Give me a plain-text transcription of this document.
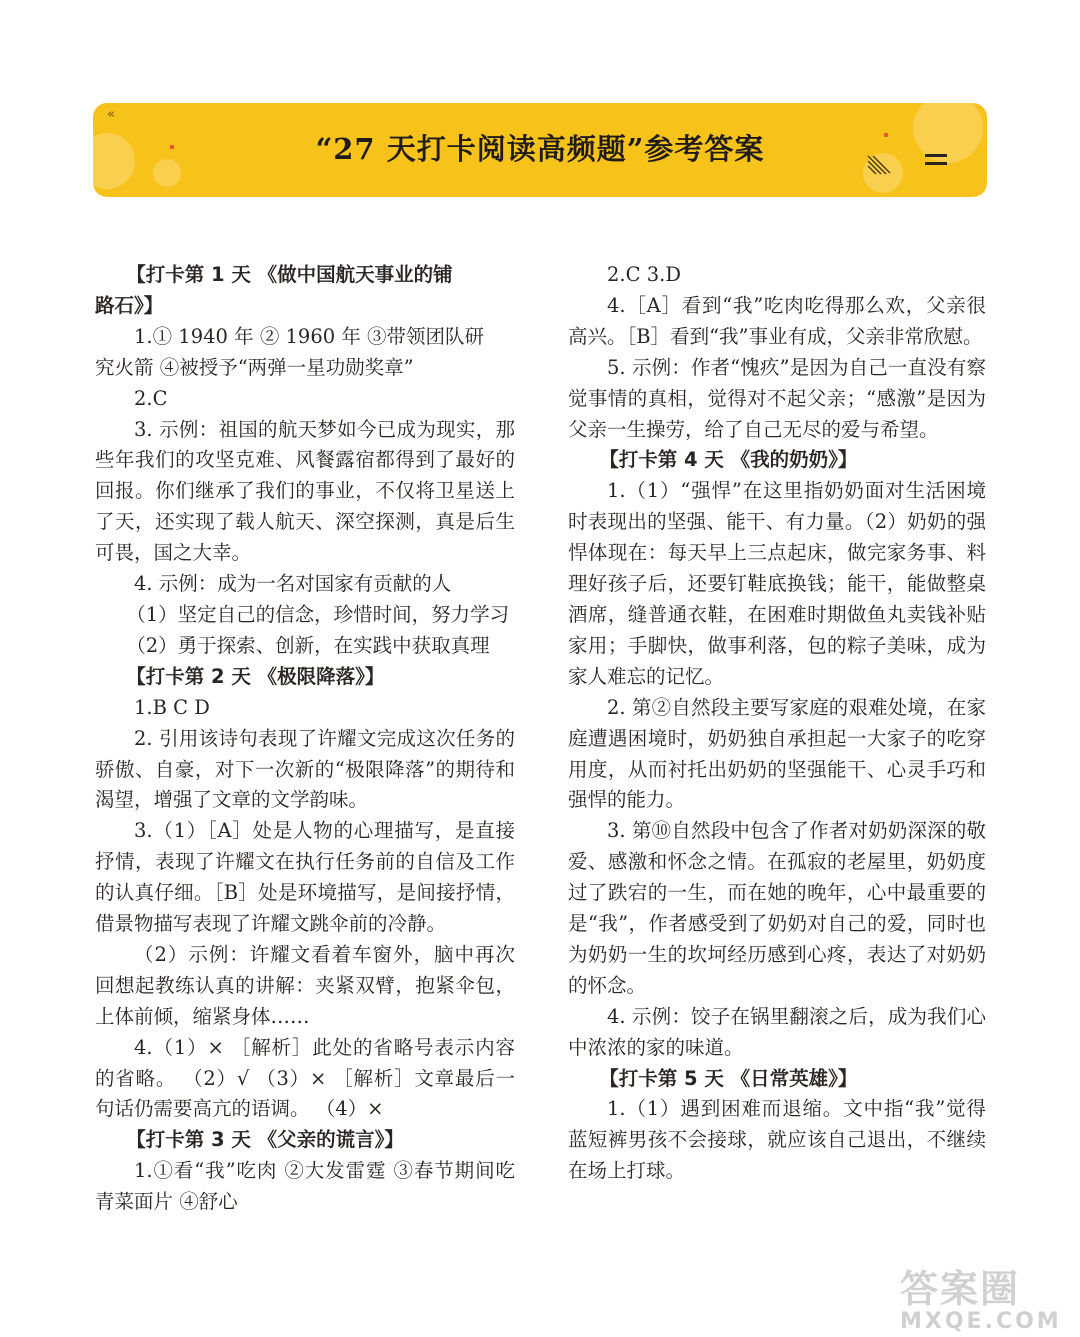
“27 天打卡阅读高频题”参考答案
«

【打卡第 1 天 《做中国航天事业的铺

路石》】

1.① 1940 年 ② 1960 年 ③带领团队研

究火箭 ④被授予“两弹一星功勋奖章”

2.C

3. 示例：祖国的航天梦如今已成为现实，那些年我们的攻坚克难、风餐露宿都得到了最好的回报。你们继承了我们的事业，不仅将卫星送上了天，还实现了载人航天、深空探测，真是后生可畏，国之大幸。

4. 示例：成为一名对国家有贡献的人

（1）坚定自己的信念，珍惜时间，努力学习

（2）勇于探索、创新，在实践中获取真理

【打卡第 2 天 《极限降落》】

1.B C D

2. 引用该诗句表现了许耀文完成这次任务的骄傲、自豪，对下一次新的“极限降落”的期待和渴望，增强了文章的文学韵味。

3.（1）［A］处是人物的心理描写，是直接抒情，表现了许耀文在执行任务前的自信及工作的认真仔细。［B］处是环境描写，是间接抒情，借景物描写表现了许耀文跳伞前的冷静。

（2）示例：许耀文看着车窗外，脑中再次回想起教练认真的讲解：夹紧双臂，抱紧伞包，上体前倾，缩紧身体……

4.（1）× ［解析］此处的省略号表示内容的省略。 （2）√ （3）× ［解析］文章最后一句话仍需要高亢的语调。 （4）×

【打卡第 3 天 《父亲的谎言》】

1.①看“我”吃肉 ②大发雷霆 ③春节期间吃青菜面片 ④舒心

2.C 3.D

4.［A］看到“我”吃肉吃得那么欢，父亲很高兴。［B］看到“我”事业有成，父亲非常欣慰。

5. 示例：作者“愧疚”是因为自己一直没有察觉事情的真相，觉得对不起父亲；“感激”是因为父亲一生操劳，给了自己无尽的爱与希望。

【打卡第 4 天 《我的奶奶》】

1.（1）“强悍”在这里指奶奶面对生活困境时表现出的坚强、能干、有力量。（2）奶奶的强悍体现在：每天早上三点起床，做完家务事、料理好孩子后，还要钉鞋底换钱；能干，能做整桌酒席，缝普通衣鞋，在困难时期做鱼丸卖钱补贴家用；手脚快，做事利落，包的粽子美味，成为家人难忘的记忆。

2. 第②自然段主要写家庭的艰难处境，在家庭遭遇困境时，奶奶独自承担起一大家子的吃穿用度，从而衬托出奶奶的坚强能干、心灵手巧和强悍的能力。

3. 第⑩自然段中包含了作者对奶奶深深的敬爱、感激和怀念之情。在孤寂的老屋里，奶奶度过了跌宕的一生，而在她的晚年，心中最重要的是“我”，作者感受到了奶奶对自己的爱，同时也为奶奶一生的坎坷经历感到心疼，表达了对奶奶的怀念。

4. 示例：饺子在锅里翻滚之后，成为我们心中浓浓的家的味道。

【打卡第 5 天 《日常英雄》】

1.（1）遇到困难而退缩。文中指“我”觉得蓝短裤男孩不会接球，就应该自己退出，不继续在场上打球。

答案圈
MXQE.COM
